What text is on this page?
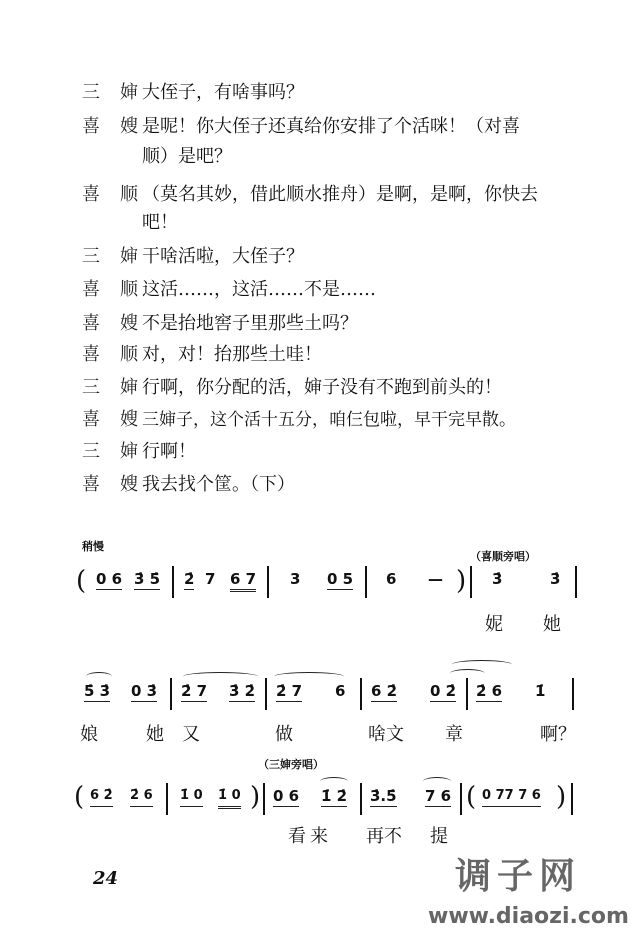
三婶 大侄子，有啥事吗？
喜嫂 是呢！你大侄子还真给你安排了个活咪！（对喜
顺）是吧？
喜顺 （莫名其妙，借此顺水推舟）是啊，是啊，你快去
吧！
三婶 干啥活啦，大侄子？
喜顺 这活……，这活……不是……
喜嫂 不是抬地窖子里那些土吗？
喜顺 对，对！抬那些土哇！
三婶 行啊，你分配的活，婶子没有不跑到前头的！
喜嫂 三婶子，这个活十五分，咱仨包啦，早干完早散。
三婶 行啊！
喜嫂 我去找个筐。（下）
稍慢
（喜顺旁唱）
( 0 6 3̇ 5̇ 2̇ 7 6 7 3 0 5 6 — ) 3̇	3̇
妮 她
5̇ 3̇ 0 3̇ 2̇ 7 3̇ 2̇ 2̇ 7 6 6 2̇ 0 2̇ 2̇ 6 1̇
娘	她 又	做	啥文 章	啊？
（三婶旁唱）
( 6 2̇ 2̇ 6 1̇ 0 1̇ 0 ) 0 6 1̇ 2̇ 3̇.5̇ 7 6 ( 0 77 7 6 )
看来 再不 提
24	调子网
www.diaozi.com
